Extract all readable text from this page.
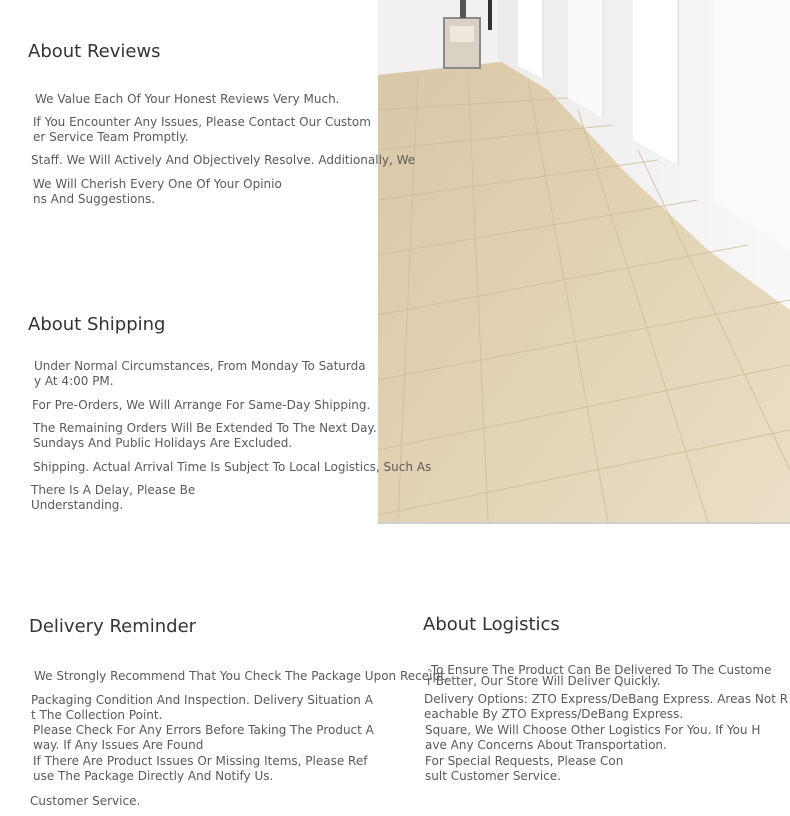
About Reviews

We Value Each Of Your Honest Reviews Very Much.

If You Encounter Any Issues, Please Contact Our Custom
er Service Team Promptly.

Staff. We Will Actively And Objectively Resolve. Additionally, We

We Will Cherish Every One Of Your Opinio
ns And Suggestions.

About Shipping

Under Normal Circumstances, From Monday To Saturda
y At 4:00 PM.

For Pre-Orders, We Will Arrange For Same-Day Shipping.

The Remaining Orders Will Be Extended To The Next Day.
Sundays And Public Holidays Are Excluded.

Shipping. Actual Arrival Time Is Subject To Local Logistics, Such As

There Is A Delay, Please Be
Understanding.

Delivery Reminder

We Strongly Recommend That You Check The Package Upon Receipt.

Packaging Condition And Inspection. Delivery Situation A
t The Collection Point.

Please Check For Any Errors Before Taking The Product A
way. If Any Issues Are Found

If There Are Product Issues Or Missing Items, Please Ref
use The Package Directly And Notify Us.

Customer Service.

About Logistics

·To Ensure The Product Can Be Delivered To The Custome
r Better, Our Store Will Deliver Quickly.

Delivery Options: ZTO Express/DeBang Express. Areas Not R
eachable By ZTO Express/DeBang Express.

Square, We Will Choose Other Logistics For You. If You H
ave Any Concerns About Transportation.

For Special Requests, Please Con
sult Customer Service.
